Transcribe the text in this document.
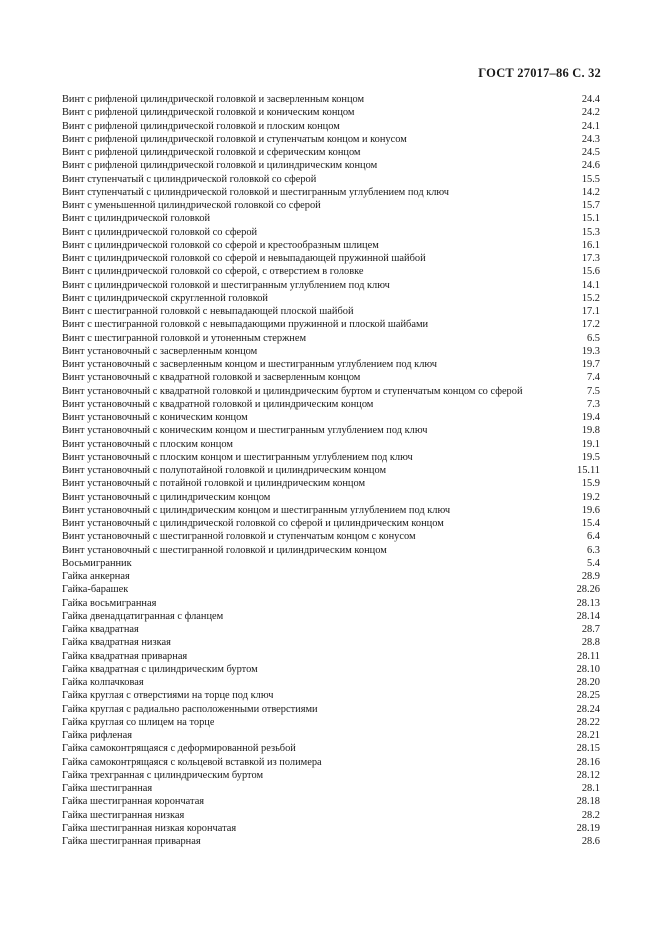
ГОСТ 27017–86 С. 32
Винт с рифленой цилиндрической головкой и засверленным концом	24.4
Винт с рифленой цилиндрической головкой и коническим концом	24.2
Винт с рифленой цилиндрической головкой и плоским концом	24.1
Винт с рифленой цилиндрической головкой и ступенчатым концом и конусом	24.3
Винт с рифленой цилиндрической головкой и сферическим концом	24.5
Винт с рифленой цилиндрической головкой и цилиндрическим концом	24.6
Винт ступенчатый с цилиндрической головкой со сферой	15.5
Винт ступенчатый с цилиндрической головкой и шестигранным углублением под ключ	14.2
Винт с уменьшенной цилиндрической головкой со сферой	15.7
Винт с цилиндрической головкой	15.1
Винт с цилиндрической головкой со сферой	15.3
Винт с цилиндрической головкой со сферой и крестообразным шлицем	16.1
Винт с цилиндрической головкой со сферой и невыпадающей пружинной шайбой	17.3
Винт с цилиндрической головкой со сферой, с отверстием в головке	15.6
Винт с цилиндрической головкой и шестигранным углублением под ключ	14.1
Винт с цилиндрической скругленной головкой	15.2
Винт с шестигранной головкой с невыпадающей плоской шайбой	17.1
Винт с шестигранной головкой с невыпадающими пружинной и плоской шайбами	17.2
Винт с шестигранной головкой и утоненным стержнем	6.5
Винт установочный с засверленным концом	19.3
Винт установочный с засверленным концом и шестигранным углублением под ключ	19.7
Винт установочный с квадратной головкой и засверленным концом	7.4
Винт установочный с квадратной головкой и цилиндрическим буртом и ступенчатым концом со сферой	7.5
Винт установочный с квадратной головкой и цилиндрическим концом	7.3
Винт установочный с коническим концом	19.4
Винт установочный с коническим концом и шестигранным углублением под ключ	19.8
Винт установочный с плоским концом	19.1
Винт установочный с плоским концом и шестигранным углублением под ключ	19.5
Винт установочный с полупотайной головкой и цилиндрическим концом	15.11
Винт установочный с потайной головкой и цилиндрическим концом	15.9
Винт установочный с цилиндрическим концом	19.2
Винт установочный с цилиндрическим концом и шестигранным углублением под ключ	19.6
Винт установочный с цилиндрической головкой со сферой и цилиндрическим концом	15.4
Винт установочный с шестигранной головкой и ступенчатым концом с конусом	6.4
Винт установочный с шестигранной головкой и цилиндрическим концом	6.3
Восьмигранник	5.4
Гайка анкерная	28.9
Гайка-барашек	28.26
Гайка восьмигранная	28.13
Гайка двенадцатигранная с фланцем	28.14
Гайка квадратная	28.7
Гайка квадратная низкая	28.8
Гайка квадратная приварная	28.11
Гайка квадратная с цилиндрическим буртом	28.10
Гайка колпачковая	28.20
Гайка круглая с отверстиями на торце под ключ	28.25
Гайка круглая с радиально расположенными отверстиями	28.24
Гайка круглая со шлицем на торце	28.22
Гайка рифленая	28.21
Гайка самоконтрящаяся с деформированной резьбой	28.15
Гайка самоконтрящаяся с кольцевой вставкой из полимера	28.16
Гайка трехгранная с цилиндрическим буртом	28.12
Гайка шестигранная	28.1
Гайка шестигранная корончатая	28.18
Гайка шестигранная низкая	28.2
Гайка шестигранная низкая корончатая	28.19
Гайка шестигранная приварная	28.6
